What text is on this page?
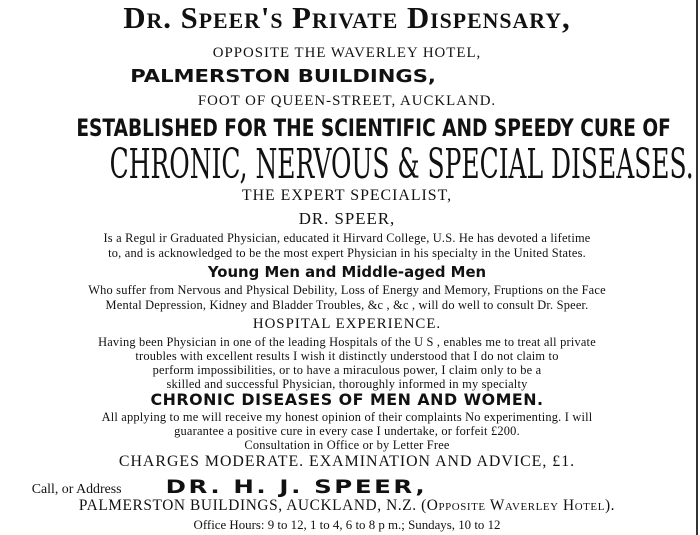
Dr. Speer's Private Dispensary,
OPPOSITE THE WAVERLEY HOTEL,
PALMERSTON BUILDINGS,
FOOT OF QUEEN-STREET, AUCKLAND.
ESTABLISHED FOR THE SCIENTIFIC AND SPEEDY CURE OF
CHRONIC, NERVOUS & SPECIAL DISEASES.
THE EXPERT SPECIALIST,
DR. SPEER,
Is a Regul ir Graduated Physician, educated it Hirvard College, U.S. He has devoted a lifetime
to, and is acknowledged to be the most expert Physician in his specialty in the United States.
Young Men and Middle-aged Men
Who suffer from Nervous and Physical Debility, Loss of Energy and Memory, Fruptions on the Face
Mental Depression, Kidney and Bladder Troubles, &c , &c , will do well to consult Dr. Speer.
HOSPITAL EXPERIENCE.
Having been Physician in one of the leading Hospitals of the U S , enables me to treat all private
troubles with excellent results I wish it distinctly understood that I do not claim to
perform impossibilities, or to have a miraculous power, I claim only to be a
skilled and successful Physician, thoroughly informed in my specialty
CHRONIC DISEASES OF MEN AND WOMEN.
All applying to me will receive my honest opinion of their complaints No experimenting. I will
guarantee a positive cure in every case I undertake, or forfeit £200.
Consultation in Office or by Letter Free
CHARGES MODERATE. EXAMINATION AND ADVICE, £1.
Call, or Address DR. H. J. SPEER,
PALMERSTON BUILDINGS, AUCKLAND, N.Z. (Opposite Waverley Hotel).
Office Hours: 9 to 12, 1 to 4, 6 to 8 p m.; Sundays, 10 to 12
